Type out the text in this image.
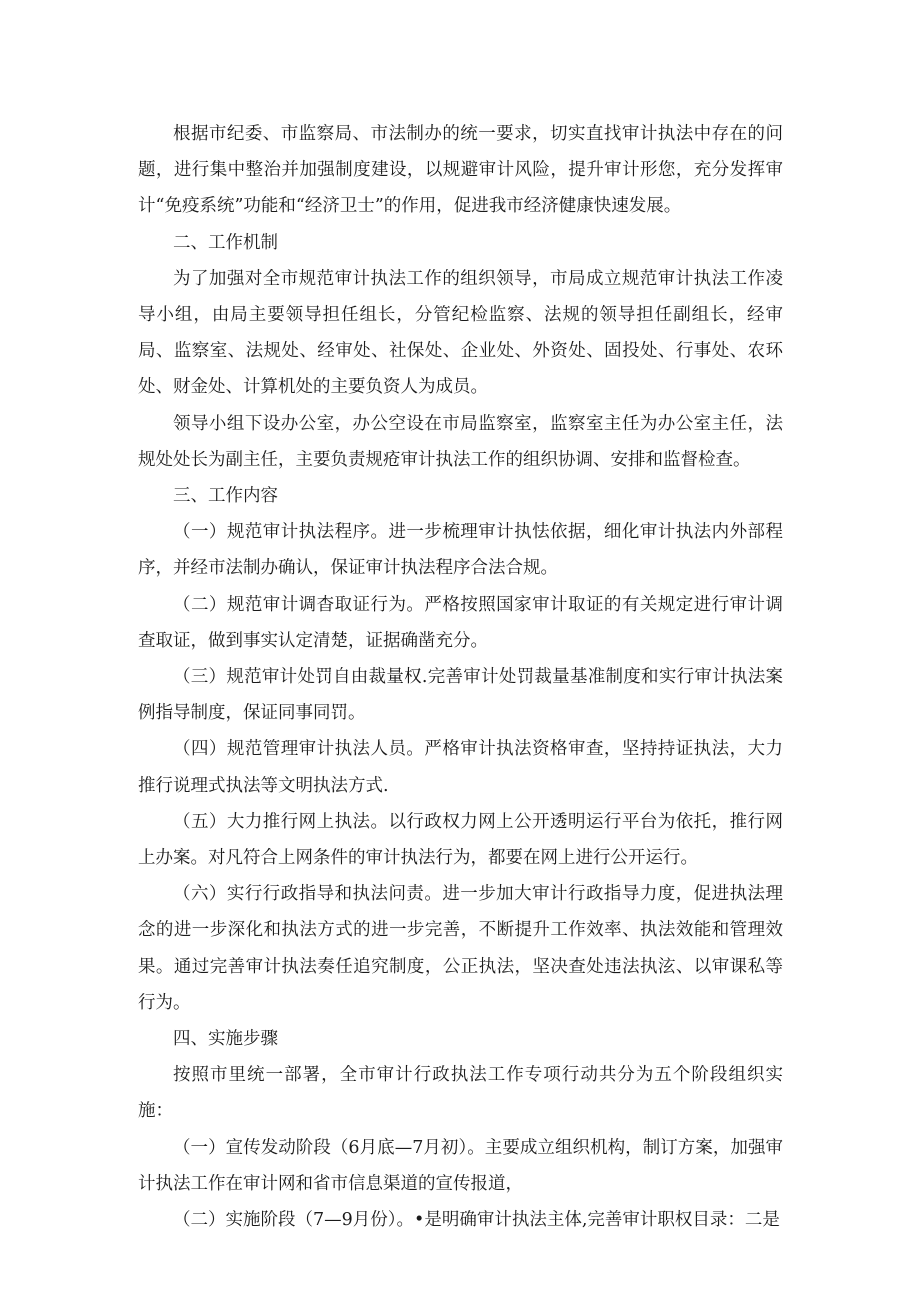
根据市纪委、市监察局、市法制办的统一要求，切实直找审计执法中存在的问题，进行集中整治并加强制度建设，以规避审计风险，提升审计形您，充分发挥审计“免疫系统”功能和“经济卫士”的作用，促进我市经济健康快速发展。

二、工作机制

为了加强对全市规范审计执法工作的组织领导，市局成立规范审计执法工作凌导小组，由局主要领导担任组长，分管纪检监察、法规的领导担任副组长，经审局、监察室、法规处、经审处、社保处、企业处、外资处、固投处、行事处、农环处、财金处、计算机处的主要负资人为成员。

领导小组下设办公室，办公空设在市局监察室，监察室主任为办公室主任，法规处处长为副主任，主要负责规疮审计执法工作的组织协调、安排和监督检查。

三、工作内容

（一）规范审计执法程序。进一步梳理审计执怯依据，细化审计执法内外部程序，并经市法制办确认，保证审计执法程序合法合规。

（二）规范审计调杳取证行为。严格按照国家审计取证的有关规定进行审计调查取证，做到事实认定清楚，证据确凿充分。

（三）规范审计处罚自由裁量权.完善审计处罚裁量基准制度和实行审计执法案例指导制度，保证同事同罚。

（四）规范管理审计执法人员。严格审计执法资格审查，坚持持证执法，大力推行说理式执法等文明执法方式.

（五）大力推行网上执法。以行政权力网上公开透明运行平台为依托，推行网上办案。对凡符合上网条件的审计执法行为，都要在网上进行公开运行。

（六）实行行政指导和执法问责。进一步加大审计行政指导力度，促进执法理念的进一步深化和执法方式的进一步完善，不断提升工作效率、执法效能和管理效果。通过完善审计执法奏任追究制度，公正执法，坚决查处违法执泫、以审课私等行为。

四、实施步骤

按照市里统一部署，全市审计行政执法工作专项行动共分为五个阶段组织实施：

（一）宣传发动阶段（6月底—7月初）。主要成立组织机构，制订方案，加强审计执法工作在审计网和省市信息渠道的宣传报道，

（二）实施阶段（7—9月份）。•是明确审计执法主体,完善审计职权目录：二是
